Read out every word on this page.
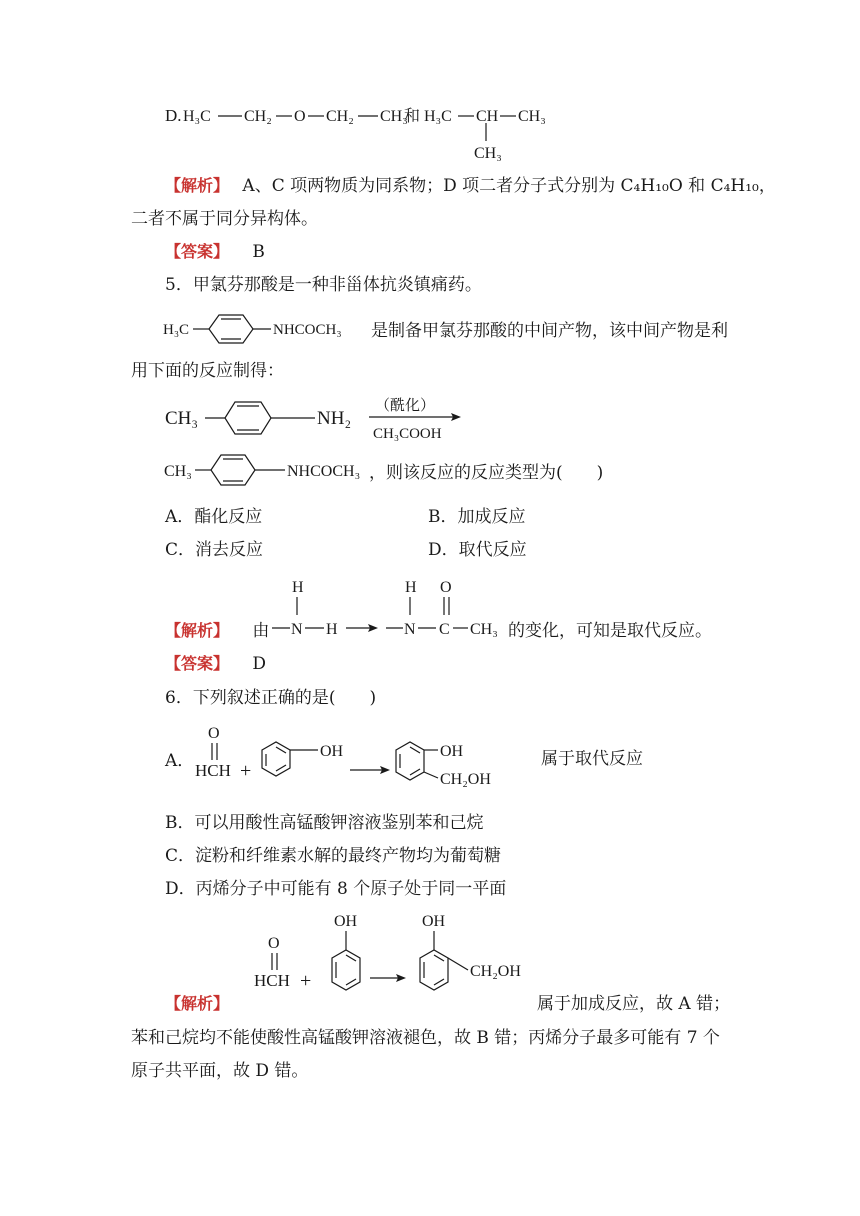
D. H₃C CH₂ O CH₂ CH₃
和 H₃C CH CH₃
CH₃
【解析】 A、C 项两物质为同系物；D 项二者分子式分别为 C₄H₁₀O 和 C₄H₁₀，
二者不属于同分异构体。
【答案】 B
5．甲氯芬那酸是一种非甾体抗炎镇痛药。
H₃C	NHCOCH₃ 是制备甲氯芬那酸的中间产物，该中间产物是利
用下面的反应制得：
CH₃	NH₂
（酰化）
CH₃COOH
CH₃	NHCOCH₃ ，则该反应的反应类型为(　　)
A．酯化反应	B．加成反应
C．消去反应	D．取代反应
【解析】 由
H
N H
H
N
O
C CH₃ 的变化，可知是取代反应。
【答案】 D
6．下列叙述正确的是(　　)
A．
O
HCH +
OH	OH
CH₂OH
属于取代反应
B．可以用酸性高锰酸钾溶液鉴别苯和己烷
C．淀粉和纤维素水解的最终产物均为葡萄糖
D．丙烯分子中可能有 8 个原子处于同一平面
O
HCH +
OH	OH
CH₂OH
【解析】	属于加成反应，故 A 错；
苯和己烷均不能使酸性高锰酸钾溶液褪色，故 B 错；丙烯分子最多可能有 7 个
原子共平面，故 D 错。
